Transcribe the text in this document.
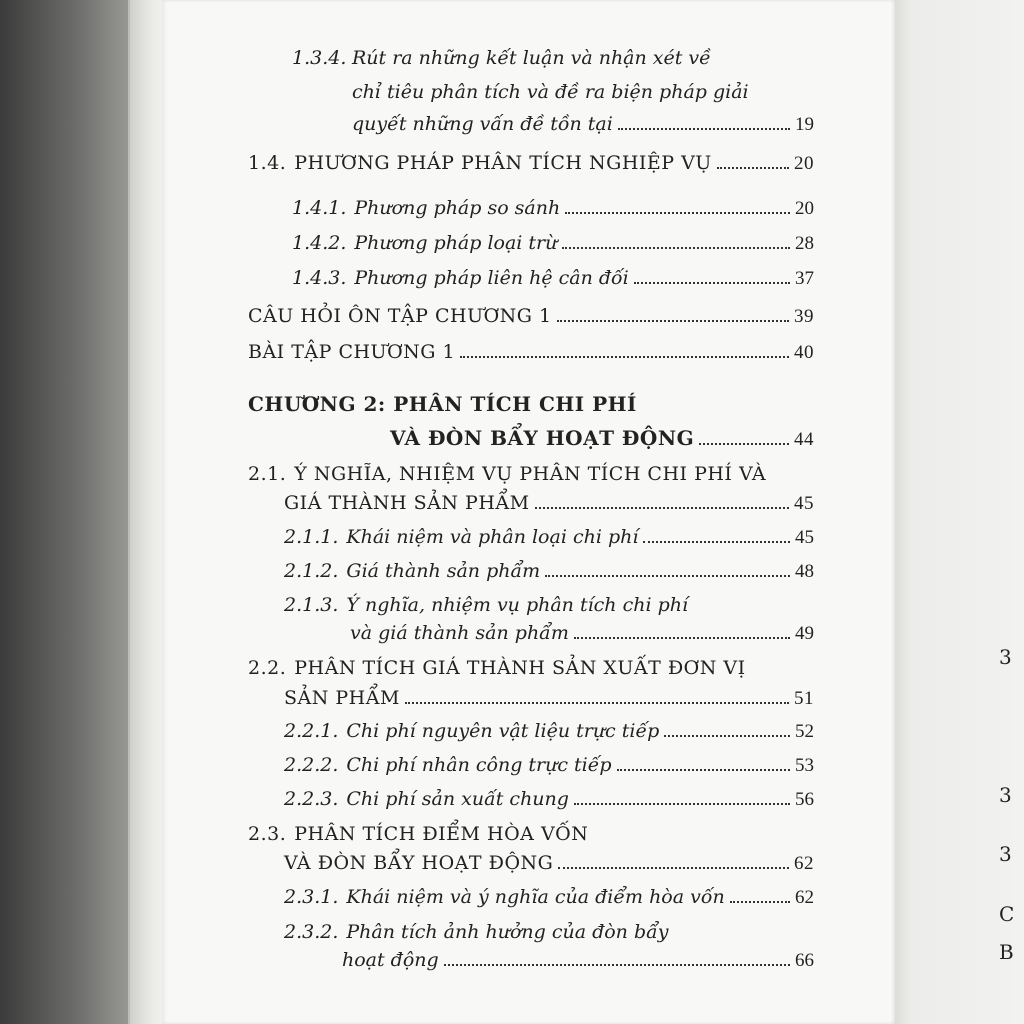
1.3.4. Rút ra những kết luận và nhận xét về
chỉ tiêu phân tích và đề ra biện pháp giải
quyết những vấn đề tồn tại	19
1.4. PHƯƠNG PHÁP PHÂN TÍCH NGHIỆP VỤ	20
1.4.1. Phương pháp so sánh	20
1.4.2. Phương pháp loại trừ	28
1.4.3. Phương pháp liên hệ cân đối	37
CÂU HỎI ÔN TẬP CHƯƠNG 1	39
BÀI TẬP CHƯƠNG 1	40
CHƯƠNG 2: PHÂN TÍCH CHI PHÍ
VÀ ĐÒN BẨY HOẠT ĐỘNG	44
2.1. Ý NGHĨA, NHIỆM VỤ PHÂN TÍCH CHI PHÍ VÀ
GIÁ THÀNH SẢN PHẨM	45
2.1.1. Khái niệm và phân loại chi phí	45
2.1.2. Giá thành sản phẩm	48
2.1.3. Ý nghĩa, nhiệm vụ phân tích chi phí
và giá thành sản phẩm	49
2.2. PHÂN TÍCH GIÁ THÀNH SẢN XUẤT ĐƠN VỊ
SẢN PHẨM	51
2.2.1. Chi phí nguyên vật liệu trực tiếp	52
2.2.2. Chi phí nhân công trực tiếp	53
2.2.3. Chi phí sản xuất chung	56
2.3. PHÂN TÍCH ĐIỂM HÒA VỐN
VÀ ĐÒN BẨY HOẠT ĐỘNG	62
2.3.1. Khái niệm và ý nghĩa của điểm hòa vốn	62
2.3.2. Phân tích ảnh hưởng của đòn bẩy
hoạt động	66
3
3
3
C
B
